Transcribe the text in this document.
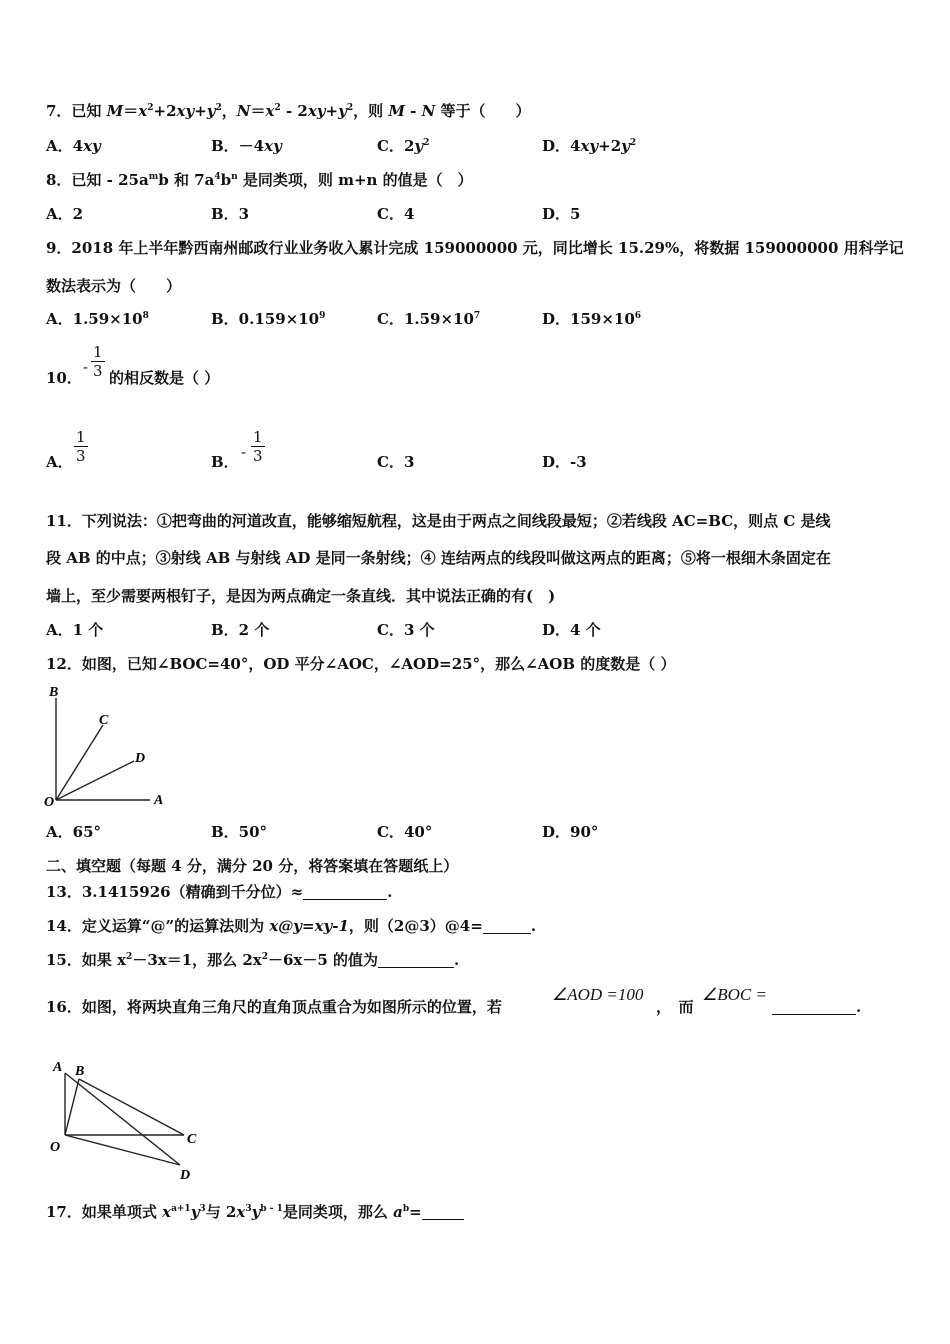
7．已知 $M=x^2+2xy+y^2$，$N=x^2 - 2xy+y^2$，则 M - N 等于（　　）
A．4xy	B．－4xy	C．$2y^2$	D．$4xy+2y^2$
8．已知 - $25a^mb$ 和 $7a^4b^n$ 是同类项，则 m+n 的值是（　）
A．2	B．3	C．4	D．5
9．2018 年上半年黔西南州邮政行业业务收入累计完成 159000000 元，同比增长 15.29%，将数据 159000000 用科学记
数法表示为（　　）
A．$1.59\times 10^8$	B．$0.159\times 10^9$	C．$1.59\times 10^7$	D．$159\times 10^6$
10．
- $\frac{1}{3}$ 的相反数是（ ）
A． $\frac{1}{3}$	B．
- $\frac{1}{3}$	C．3	D．-3
11．下列说法：①把弯曲的河道改直，能够缩短航程，这是由于两点之间线段最短；②若线段 AC=BC，则点 C 是线
段 AB 的中点；③射线 AB 与射线 AD 是同一条射线；④ 连结两点的线段叫做这两点的距离；⑤将一根细木条固定在
墙上，至少需要两根钉子，是因为两点确定一条直线．其中说法正确的有(　)
A．1 个	B．2 个	C．3 个	D．4 个
12．如图，已知∠BOC=40°，OD 平分∠AOC，∠AOD=25°，那么∠AOB 的度数是（ ）
B
C
D
O	A
A．65°	B．50°	C．40°	D．90°
二、填空题（每题 4 分，满分 20 分，将答案填在答题纸上）
13．3.1415926（精确到千分位）≈	.
14．定义运算“@”的运算法则为 x@y=xy-1，则（2@3）@4=	.
15．如果 $x^2-3x=1$，那么 $2x^2-6x-5$ 的值为	.
16．如图，将两块直角三角尺的直角顶点重合为如图所示的位置，若
∠AOD =100
，　而
∠BOC =
.
A B
C
O
D
17．如果单项式 $x^{a+1}y^3$与 $2x^3y^{b - 1}$是同类项，那么 $a^b=$
